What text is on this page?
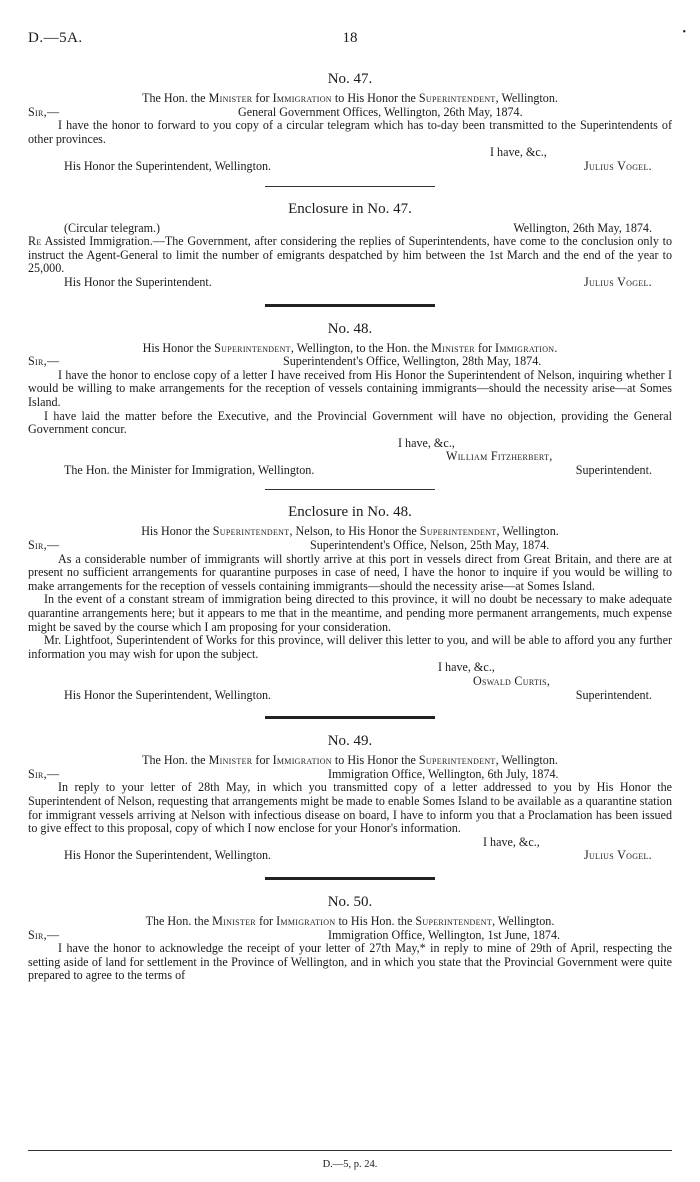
D.—5A.	18	•
No. 47.
The Hon. the Minister for Immigration to His Honor the Superintendent, Wellington.
Sir,—	General Government Offices, Wellington, 26th May, 1874.

I have the honor to forward to you copy of a circular telegram which has to-day been transmitted to the Superintendents of other provinces.

I have, &c.,
His Honor the Superintendent, Wellington.	Julius Vogel.
Enclosure in No. 47.
(Circular telegram.)	Wellington, 26th May, 1874.

Re Assisted Immigration.—The Government, after considering the replies of Superintendents, have come to the conclusion only to instruct the Agent-General to limit the number of emigrants despatched by him between the 1st March and the end of the year to 25,000.

His Honor the Superintendent.	Julius Vogel.
No. 48.
His Honor the Superintendent, Wellington, to the Hon. the Minister for Immigration.
Sir,—	Superintendent's Office, Wellington, 28th May, 1874.

I have the honor to enclose copy of a letter I have received from His Honor the Superintendent of Nelson, inquiring whether I would be willing to make arrangements for the reception of vessels containing immigrants—should the necessity arise—at Somes Island.

I have laid the matter before the Executive, and the Provincial Government will have no objection, providing the General Government concur.

I have, &c.,
William Fitzherbert,
The Hon. the Minister for Immigration, Wellington.	Superintendent.
Enclosure in No. 48.
His Honor the Superintendent, Nelson, to His Honor the Superintendent, Wellington.
Sir,—	Superintendent's Office, Nelson, 25th May, 1874.

As a considerable number of immigrants will shortly arrive at this port in vessels direct from Great Britain, and there are at present no sufficient arrangements for quarantine purposes in case of need, I have the honor to inquire if you would be willing to make arrangements for the reception of vessels containing immigrants—should the necessity arise—at Somes Island.

In the event of a constant stream of immigration being directed to this province, it will no doubt be necessary to make adequate quarantine arrangements here; but it appears to me that in the meantime, and pending more permanent arrangements, much expense might be saved by the course which I am proposing for your consideration.

Mr. Lightfoot, Superintendent of Works for this province, will deliver this letter to you, and will be able to afford you any further information you may wish for upon the subject.

I have, &c.,
Oswald Curtis,
His Honor the Superintendent, Wellington.	Superintendent.
No. 49.
The Hon. the Minister for Immigration to His Honor the Superintendent, Wellington.
Sir,—	Immigration Office, Wellington, 6th July, 1874.

In reply to your letter of 28th May, in which you transmitted copy of a letter addressed to you by His Honor the Superintendent of Nelson, requesting that arrangements might be made to enable Somes Island to be available as a quarantine station for immigrant vessels arriving at Nelson with infectious disease on board, I have to inform you that a Proclamation has been issued to give effect to this proposal, copy of which I now enclose for your Honor's information.

I have, &c.,
His Honor the Superintendent, Wellington.	Julius Vogel.
No. 50.
The Hon. the Minister for Immigration to His Hon. the Superintendent, Wellington.
Sir,—	Immigration Office, Wellington, 1st June, 1874.

I have the honor to acknowledge the receipt of your letter of 27th May,* in reply to mine of 29th of April, respecting the setting aside of land for settlement in the Province of Wellington, and in which you state that the Provincial Government were quite prepared to agree to the terms of

D.—5, p. 24.
